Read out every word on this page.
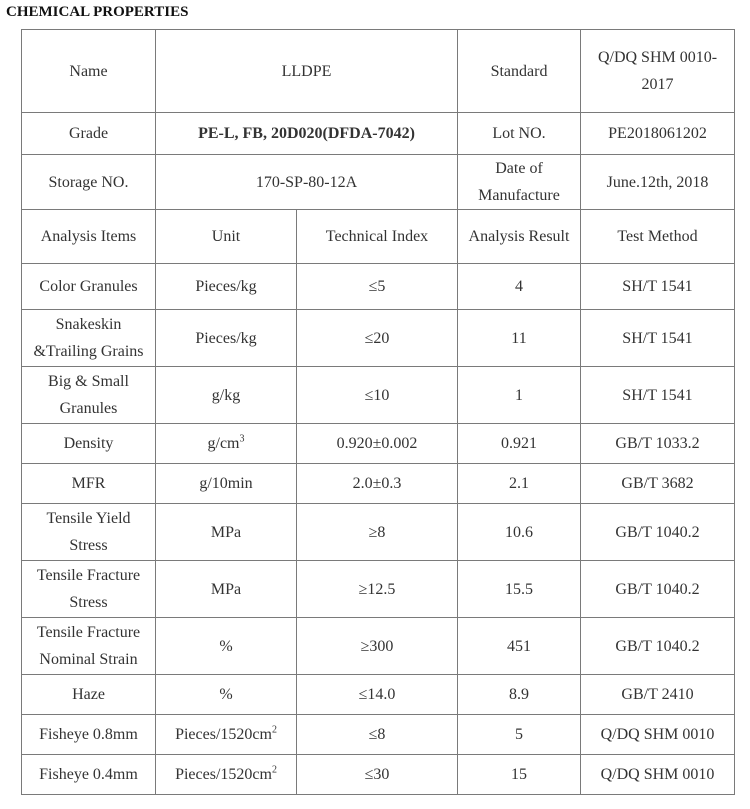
CHEMICAL PROPERTIES
Name	LLDPE		Standard	Q/DQ SHM 0010-2017
Grade	PE-L, FB, 20D020(DFDA-7042)		Lot NO.	PE2018061202
Storage NO.	170-SP-80-12A		Date of Manufacture	June.12th, 2018
Analysis Items	Unit	Technical Index	Analysis Result	Test Method
Color Granules	Pieces/kg	≤5	4	SH/T 1541
Snakeskin &Trailing Grains	Pieces/kg	≤20	11	SH/T 1541
Big & Small Granules	g/kg	≤10	1	SH/T 1541
Density	$g/cm^3$	0.920±0.002	0.921	GB/T 1033.2
MFR	g/10min	2.0±0.3	2.1	GB/T 3682
Tensile Yield Stress	MPa	≥8	10.6	GB/T 1040.2
Tensile Fracture Stress	MPa	≥12.5	15.5	GB/T 1040.2
Tensile Fracture Nominal Strain	%	≥300	451	GB/T 1040.2
Haze	%	≤14.0	8.9	GB/T 2410
Fisheye 0.8mm	Pieces/$1520cm^2$	≤8	5	Q/DQ SHM 0010
Fisheye 0.4mm	Pieces/$1520cm^2$	≤30	15	Q/DQ SHM 0010
